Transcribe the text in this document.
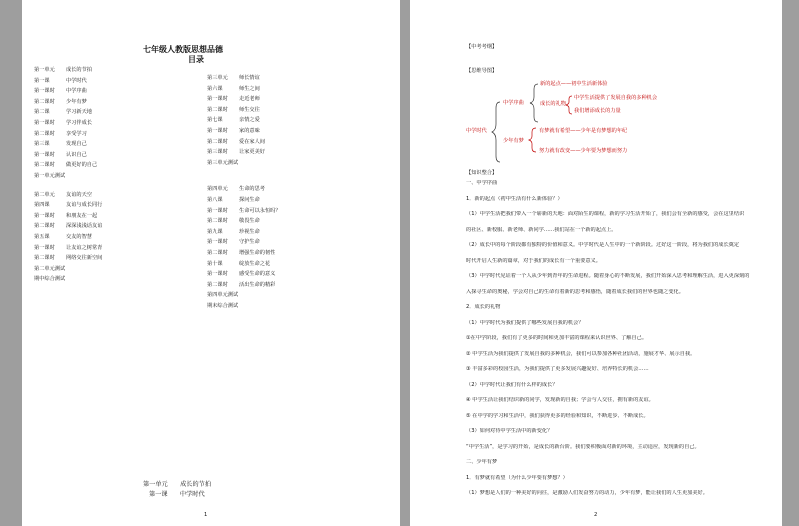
七年级人教版思想品德
目录
第一单元 成长的节拍
第一课	中学时代
第一课时 中学序曲
第二课时 少年有梦
第二课	学习新天地
第一课时 学习伴成长
第二课时 享受学习
第三课	发现自己
第一课时 认识自己
第二课时 做更好的自己
第一单元测试
第二单元 友谊的天空
第四课	友谊与成长同行
第一课时 和朋友在一起
第二课时 深深浅浅话友谊
第五课	交友的智慧
第一课时 让友谊之树常青
第二课时 网络交往新空间
第二单元测试
期中综合测试
第三单元 师长情谊
第六课	师生之间
第一课时 走近老师
第二课时 师生交往
第七课	亲情之爱
第一课时 家的意味
第二课时 爱在家人间
第三课时 让家更美好
第三单元测试
第四单元 生命的思考
第八课	探问生命
第一课时 生命可以永恒吗？
第二课时 敬畏生命
第九课	珍视生命
第一课时 守护生命
第二课时 增强生命的韧性
第十课	绽放生命之花
第一课时 感受生命的意义
第二课时 活出生命的精彩
第四单元测试
期末综合测试
第一单元　　成长的节拍
第一课　　中学时代
1
【中考考纲】
【思维导图】
中学时代
中学序曲
少年有梦
新的起点——初中生活新体验
成长的礼物
中学生活提供了发展自我的多种机会
我们增添成长的力量
有梦就有希望——少年是有梦想的年纪
努力就有改变——少年要为梦想而努力
【知识整合】
一、中学序曲
1．新的起点（初中生活有什么新体验？）
（1）中学生活把我们带入一个崭新的天地：面对陌生的课程，新的学习生活开始了，我们会有全新的感受，会在这里结识
的社区、新校服、新老师、新同学……我们站在一个新的起点上。
（2）成长中的每个阶段都有独特的价值和意义。中学时代是人生中的一个新阶段。过好这一阶段，将为我们的成长奠定
时代开启人生新的篇章，对于我们的成长有一个重要意义。
（3）中学时代见证着一个人从少年到青年的生命进程。随着身心的不断发展，我们开始深入思考和理解生活，进入更深刻的
入探寻生命的奥秘，学会对自己的生命有着新的思考和感悟，随着成长我们的世界也随之变化。
2．成长的礼物
（1）中学时代为我们提供了哪些发展自我的机会？
①在中学阶段，我们有了更多的时间和更加丰富的课程来认识世界、了解自己。
② 中学生活为我们提供了发展自我的多种机会，我们可以参加各种社团活动，施展才华、展示自我。
③ 丰富多彩的校园生活，为我们提供了更多发展兴趣爱好、培养特长的机会……
（2）中学时代让我们有什么样的成长？
④ 中学生活让我们结识新的同学，发现新的自我；学会与人交往，拥有新的友谊。
⑤ 在中学的学习和生活中，我们获得更多的经验和知识，不断进步、不断成长。
（3）如何对待中学生活中的新变化？
“中学生活”，是学习的开始，是成长的新台阶。我们要积极面对新的环境，主动适应，发现新的自己。
二、少年有梦
1．有梦就有希望（为什么少年要有梦想？）
（1）梦想是人们的一种美好的向往，是激励人们发奋努力的动力，少年有梦，能让我们的人生更加美好。
2
